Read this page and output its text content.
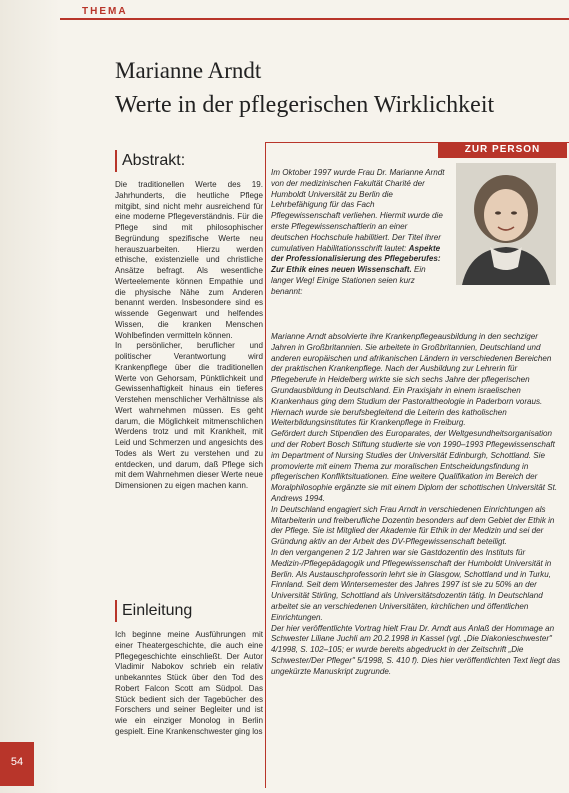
THEMA
Marianne Arndt
Werte in der pflegerischen Wirklichkeit
Abstrakt:

Die traditionellen Werte des 19. Jahrhunderts, die heutliche Pflege mitgibt, sind nicht mehr ausreichend für eine moderne Pflegeverständnis. Für die Pflege sind mit philosophischer Begründung spezifische Werte neu herauszuarbeiten. Hierzu werden ethische, existenzielle und christliche Ansätze befragt. Als wesentliche Werteelemente können Empathie und die physische Nähe zum Anderen benannt werden. Insbesondere sind es wissende Gegenwart und helfendes Wissen, die kranken Menschen Wohlbefinden vermitteln können.

In persönlicher, beruflicher und politischer Verantwortung wird Krankenpflege über die traditionellen Werte von Gehorsam, Pünktlichkeit und Gewissenhaftigkeit hinaus ein tieferes Verstehen menschlicher Verhältnisse als Wert wahrnehmen müssen. Es geht darum, die Möglichkeit mitmenschlichen Werdens trotz und mit Krankheit, mit Leid und Schmerzen und angesichts des Todes als Wert zu verstehen und zu entdecken, und darum, daß Pflege sich mit dem Wahrnehmen dieser Werte neue Dimensionen zu eigen machen kann.

Einleitung

Ich beginne meine Ausführungen mit einer Theatergeschichte, die auch eine Pflegegeschichte einschließt. Der Autor Vladimir Nabokov schrieb ein relativ unbekanntes Stück über den Tod des Robert Falcon Scott am Südpol. Das Stück bedient sich der Tagebücher des Forschers und seiner Begleiter und ist wie ein einziger Monolog in Berlin gespielt. Eine Krankenschwester ging los

ZUR PERSON

Im Oktober 1997 wurde Frau Dr. Marianne Arndt von der medizinischen Fakultät Charité der Humboldt Universität zu Berlin die Lehrbefähigung für das Fach Pflegewissenschaft verliehen. Hiermit wurde die erste Pflegewissenschaftlerin an einer deutschen Hochschule habilitiert. Der Titel ihrer cumulativen Habilitationsschrift lautet: Aspekte der Professionalisierung des Pflegeberufes: Zur Ethik eines neuen Wissenschaft. Ein langer Weg! Einige Stationen seien kurz benannt:

Marianne Arndt absolvierte ihre Krankenpflegeausbildung in den sechziger Jahren in Großbritannien. Sie arbeitete in Großbritannien, Deutschland und anderen europäischen und afrikanischen Ländern in verschiedenen Bereichen der praktischen Krankenpflege. Nach der Ausbildung zur Lehrerin für Pflegeberufe in Heidelberg wirkte sie sich sechs Jahre der pflegerischen Grundausbildung in Deutschland. Ein Praxisjahr in einem israelischen Krankenhaus ging dem Studium der Pastoraltheologie in Paderborn voraus. Hiernach wurde sie berufsbegleitend die Leiterin des katholischen Weiterbildungsinstitutes für Krankenpflege in Freiburg.

Gefördert durch Stipendien des Europarates, der Weltgesundheitsorganisation und der Robert Bosch Stiftung studierte sie von 1990–1993 Pflegewissenschaft im Department of Nursing Studies der Universität Edinburgh, Schottland. Sie promovierte mit einem Thema zur moralischen Entscheidungsfindung in pflegerischen Konfliktsituationen. Eine weitere Qualifikation im Bereich der Moralphilosophie ergänzte sie mit einem Diplom der schottischen Universität St. Andrews 1994.

In Deutschland engagiert sich Frau Arndt in verschiedenen Einrichtungen als Mitarbeiterin und freiberufliche Dozentin besonders auf dem Gebiet der Ethik in der Pflege. Sie ist Mitglied der Akademie für Ethik in der Medizin und sei der Gründung aktiv an der Arbeit des DV-Pflegewissenschaft beteiligt.

In den vergangenen 2 1/2 Jahren war sie Gastdozentin des Instituts für Medizin-/Pflegepädagogik und Pflegewissenschaft der Humboldt Universität in Berlin. Als Austauschprofessorin lehrt sie in Glasgow, Schottland und in Turku, Finnland. Seit dem Wintersemester des Jahres 1997 ist sie zu 50% an der Universität Stirling, Schottland als Universitätsdozentin tätig. In Deutschland arbeitet sie an verschiedenen Universitäten, kirchlichen und öffentlichen Einrichtungen.

Der hier veröffentlichte Vortrag hielt Frau Dr. Arndt aus Anlaß der Hommage an Schwester Liliane Juchli am 20.2.1998 in Kassel (vgl. „Die Diakonieschwester" 4/1998, S. 102–105; er wurde bereits abgedruckt in der Zeitschrift „Die Schwester/Der Pfleger" 5/1998, S. 410 f). Dies hier veröffentlichten Text liegt das ungekürzte Manuskript zugrunde.

54
